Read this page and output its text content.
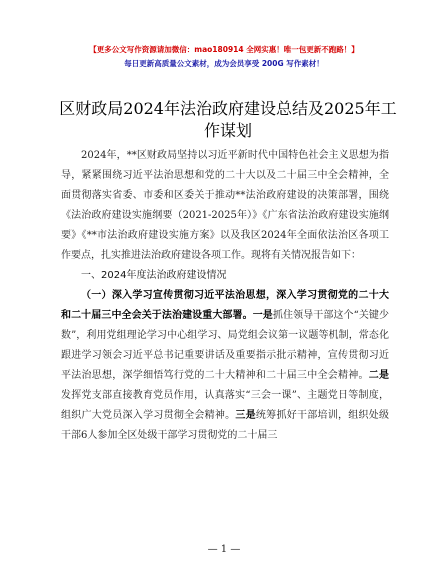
【更多公文写作资源请加微信：mao180914 全网实惠！唯一包更新不跑路！】
每日更新高质量公文素材，成为会员享受 200G 写作素材！
区财政局2024年法治政府建设总结及2025年工作谋划

2024年，**区财政局坚持以习近平新时代中国特色社会主义思想为指导，紧紧围绕习近平法治思想和党的二十大以及二十届三中全会精神，全面贯彻落实省委、市委和区委关于推动**法治政府建设的决策部署，围绕《法治政府建设实施纲要（2021-2025年）》《广东省法治政府建设实施纲要》《**市法治政府建设实施方案》以及我区2024年全面依法治区各项工作要点，扎实推进法治政府建设各项工作。现将有关情况报告如下：

一、2024年度法治政府建设情况

（一）深入学习宣传贯彻习近平法治思想，深入学习贯彻党的二十大和二十届三中全会关于法治建设重大部署。一是抓住领导干部这个“关键少数”，利用党组理论学习中心组学习、局党组会议第一议题等机制，常态化跟进学习领会习近平总书记重要讲话及重要指示批示精神，宣传贯彻习近平法治思想，深学细悟笃行党的二十大精神和二十届三中全会精神。二是发挥党支部直接教育党员作用，认真落实“三会一课”、主题党日等制度，组织广大党员深入学习贯彻全会精神。三是统筹抓好干部培训，组织处级干部6人参加全区处级干部学习贯彻党的二十届三

— 1 —
